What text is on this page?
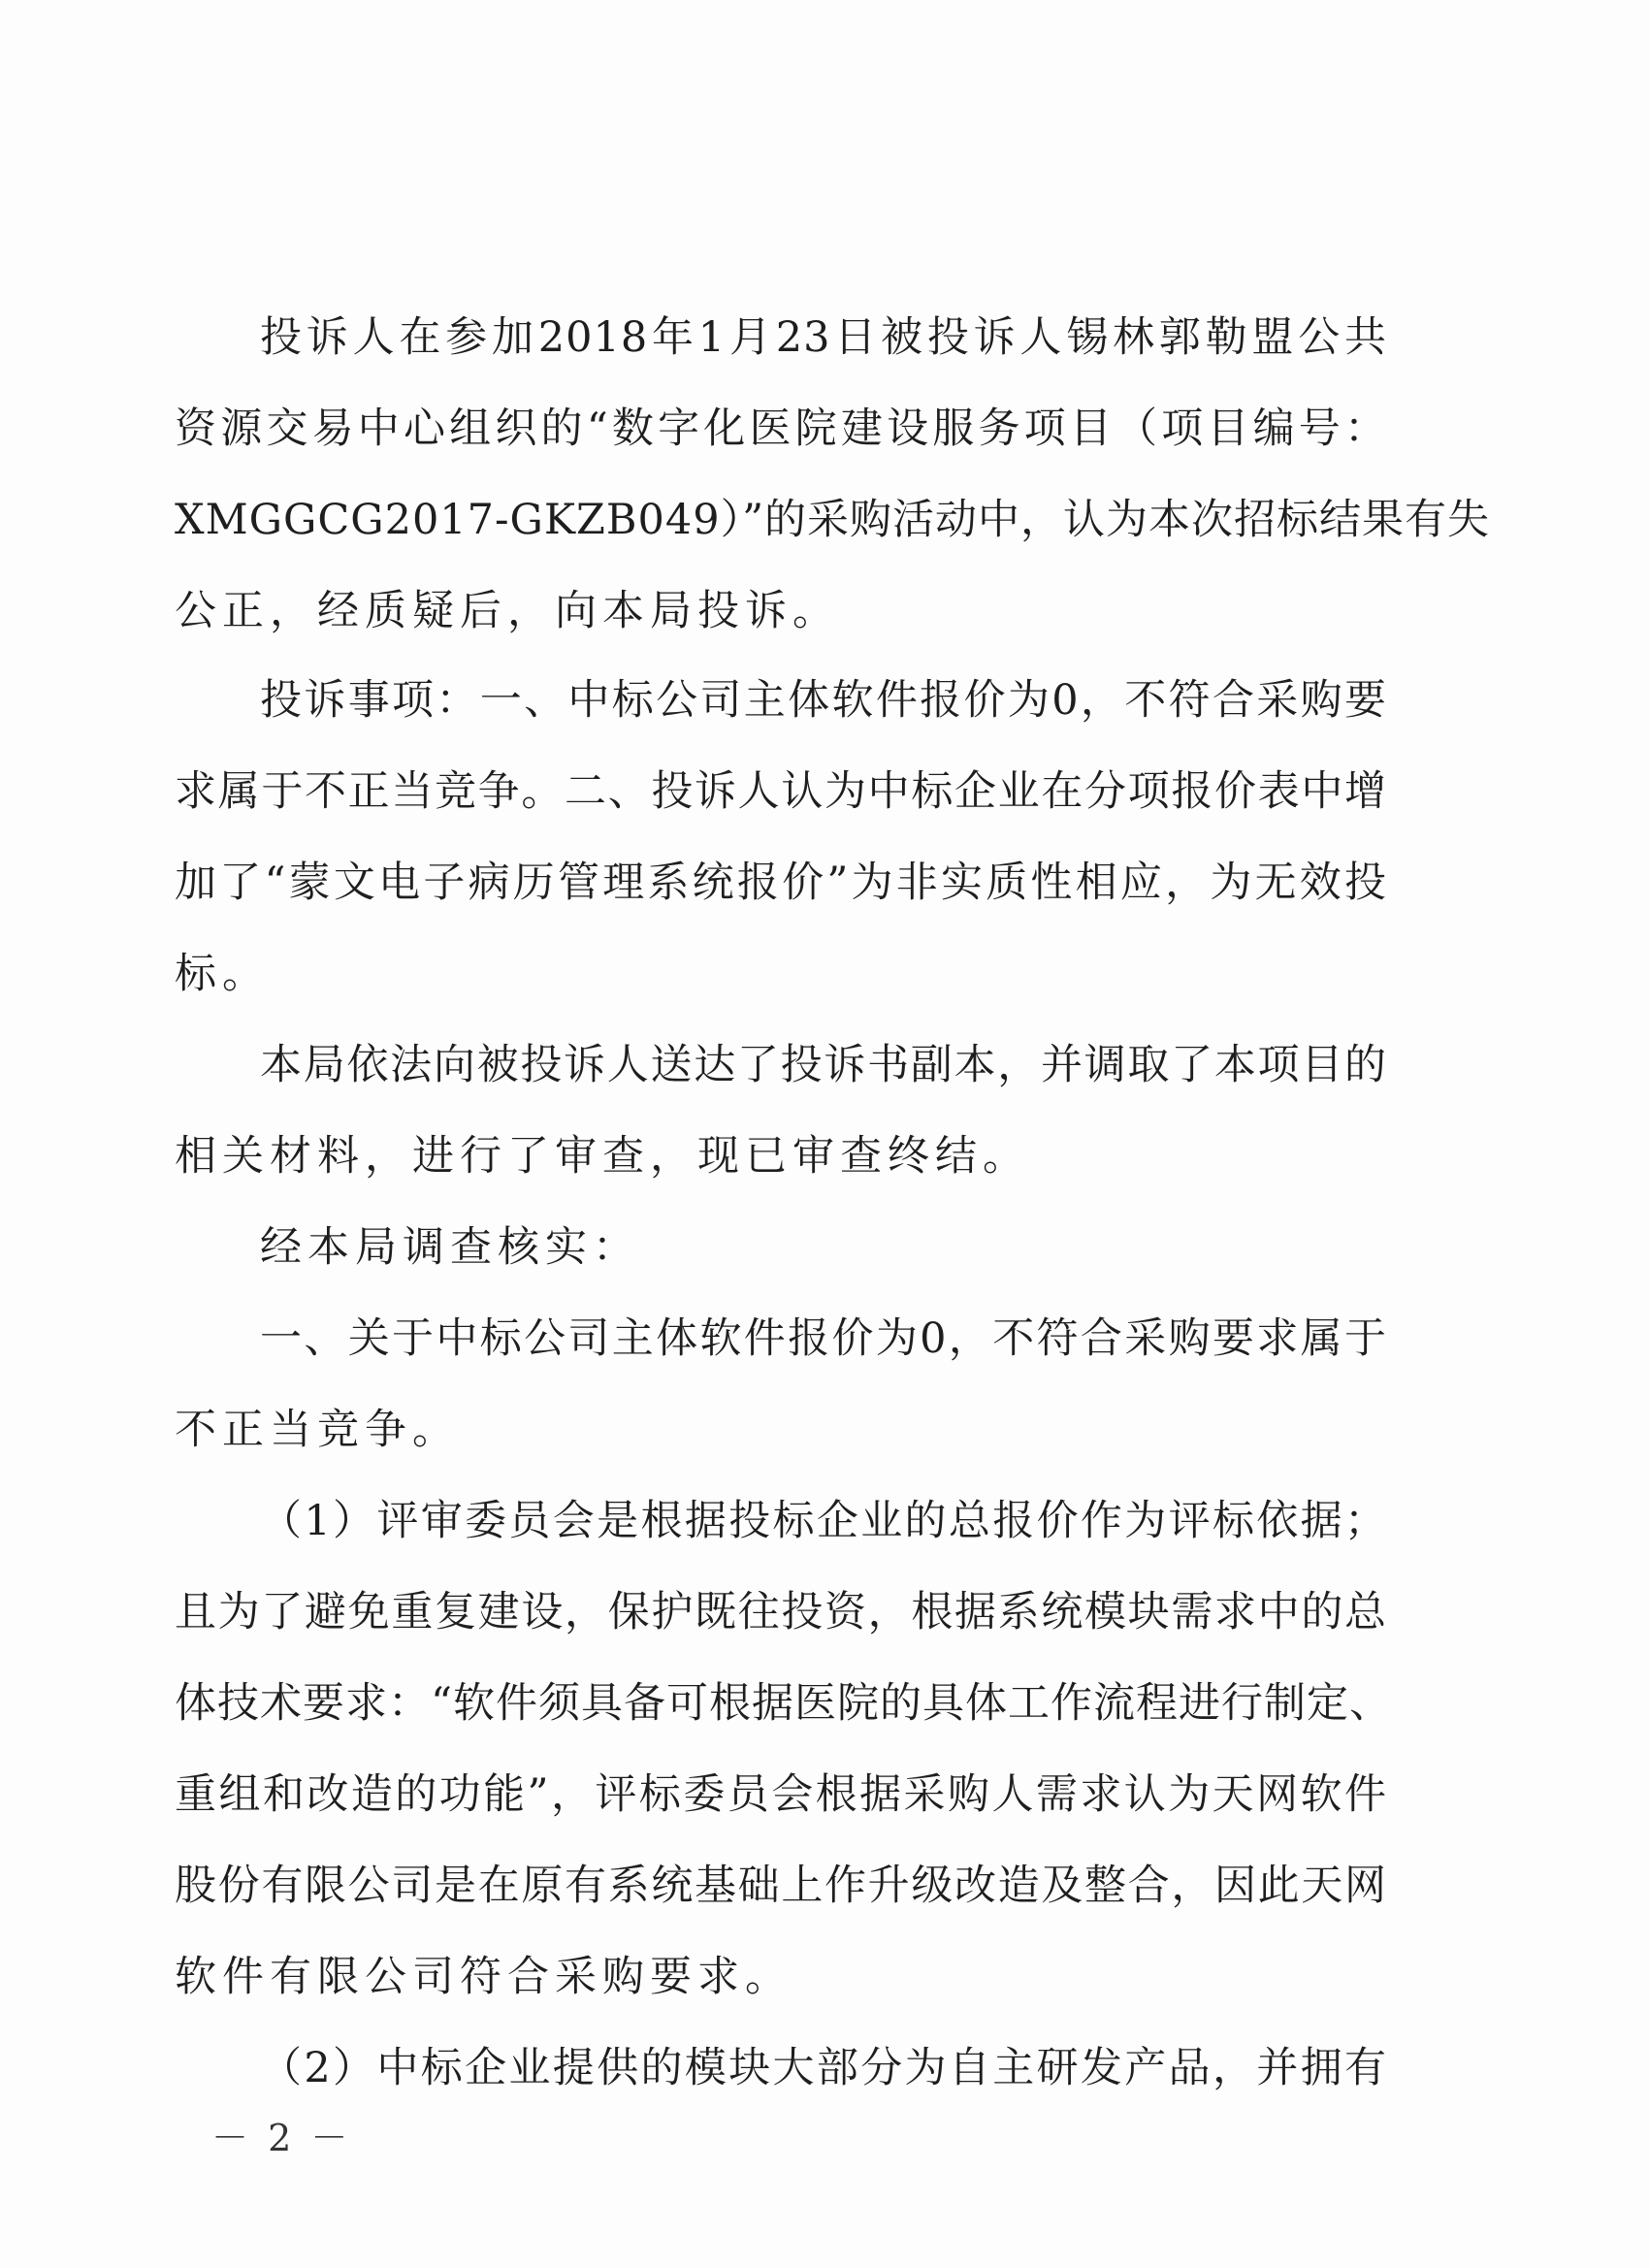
投诉人在参加2018年1月23日被投诉人锡林郭勒盟公共
资源交易中心组织的“数字化医院建设服务项目（项目编号：
XMGGCG2017-GKZB049）”的采购活动中，认为本次招标结果有失
公正，经质疑后，向本局投诉。
投诉事项：一、中标公司主体软件报价为0，不符合采购要
求属于不正当竞争。二、投诉人认为中标企业在分项报价表中增
加了“蒙文电子病历管理系统报价”为非实质性相应，为无效投
标。
本局依法向被投诉人送达了投诉书副本，并调取了本项目的
相关材料，进行了审查，现已审查终结。
经本局调查核实：
一、关于中标公司主体软件报价为0，不符合采购要求属于
不正当竞争。
（1）评审委员会是根据投标企业的总报价作为评标依据；
且为了避免重复建设，保护既往投资，根据系统模块需求中的总
体技术要求：“软件须具备可根据医院的具体工作流程进行制定、
重组和改造的功能”，评标委员会根据采购人需求认为天网软件
股份有限公司是在原有系统基础上作升级改造及整合，因此天网
软件有限公司符合采购要求。
（2）中标企业提供的模块大部分为自主研发产品，并拥有
－ 2 －
